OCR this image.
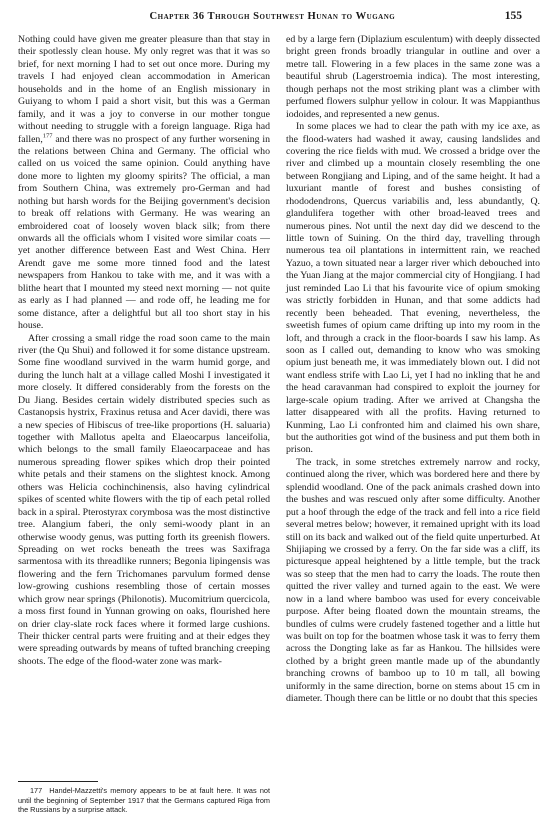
Chapter 36 Through Southwest Hunan to Wugang	155

Nothing could have given me greater pleasure than that stay in their spotlessly clean house. My only regret was that it was so brief, for next morning I had to set out once more. During my travels I had enjoyed clean accommodation in American households and in the home of an English missionary in Guiyang to whom I paid a short visit, but this was a German family, and it was a joy to converse in our mother tongue without needing to struggle with a foreign language. Riga had fallen,$^{177}$ and there was no prospect of any further worsening in the relations between China and Germany. The official who called on us voiced the same opinion. Could anything have done more to lighten my gloomy spirits? The official, a man from Southern China, was extremely pro-German and had nothing but harsh words for the Beijing government's decision to break off relations with Germany. He was wearing an embroidered coat of loosely woven black silk; from there onwards all the officials whom I visited wore similar coats — yet another difference between East and West China. Herr Arendt gave me some more tinned food and the latest newspapers from Hankou to take with me, and it was with a blithe heart that I mounted my steed next morning — not quite as early as I had planned — and rode off, he leading me for some distance, after a delightful but all too short stay in his house.

After crossing a small ridge the road soon came to the main river (the Qu Shui) and followed it for some distance upstream. Some fine woodland survived in the warm humid gorge, and during the lunch halt at a village called Moshi I investigated it more closely. It differed considerably from the forests on the Du Jiang. Besides certain widely distributed species such as Castanopsis hystrix, Fraxinus retusa and Acer davidi, there was a new species of Hibiscus of tree-like proportions (H. saluaria) together with Mallotus apelta and Elaeocarpus lanceifolia, which belongs to the small family Elaeocarpaceae and has numerous spreading flower spikes which drop their pointed white petals and their stamens on the slightest knock. Among others was Helicia cochinchinensis, also having cylindrical spikes of scented white flowers with the tip of each petal rolled back in a spiral. Pterostyrax corymbosa was the most distinctive tree. Alangium faberi, the only semi-woody plant in an otherwise woody genus, was putting forth its greenish flowers. Spreading on wet rocks beneath the trees was Saxifraga sarmentosa with its threadlike runners; Begonia lipingensis was flowering and the fern Trichomanes parvulum formed dense low-growing cushions resembling those of certain mosses which grow near springs (Philonotis). Mucomitrium quercicola, a moss first found in Yunnan growing on oaks, flourished here on drier clay-slate rock faces where it formed large cushions. Their thicker central parts were fruiting and at their edges they were spreading outwards by means of tufted branching creeping shoots. The edge of the flood-water zone was mark-

ed by a large fern (Diplazium esculentum) with deeply dissected bright green fronds broadly triangular in outline and over a metre tall. Flowering in a few places in the same zone was a beautiful shrub (Lagerstroemia indica). The most interesting, though perhaps not the most striking plant was a climber with perfumed flowers sulphur yellow in colour. It was Mappianthus iodoides, and represented a new genus.

In some places we had to clear the path with my ice axe, as the flood-waters had washed it away, causing landslides and covering the rice fields with mud. We crossed a bridge over the river and climbed up a mountain closely resembling the one between Rongjiang and Liping, and of the same height. It had a luxuriant mantle of forest and bushes consisting of rhododendrons, Quercus variabilis and, less abundantly, Q. glandulifera together with other broad-leaved trees and numerous pines. Not until the next day did we descend to the little town of Suining. On the third day, travelling through numerous tea oil plantations in intermittent rain, we reached Yazuo, a town situated near a larger river which debouched into the Yuan Jiang at the major commercial city of Hongjiang. I had just reminded Lao Li that his favourite vice of opium smoking was strictly forbidden in Hunan, and that some addicts had recently been beheaded. That evening, nevertheless, the sweetish fumes of opium came drifting up into my room in the loft, and through a crack in the floor-boards I saw his lamp. As soon as I called out, demanding to know who was smoking opium just beneath me, it was immediately blown out. I did not want endless strife with Lao Li, yet I had no inkling that he and the head caravanman had conspired to exploit the journey for large-scale opium trading. After we arrived at Changsha the latter disappeared with all the profits. Having returned to Kunming, Lao Li confronted him and claimed his own share, but the authorities got wind of the business and put them both in prison.

The track, in some stretches extremely narrow and rocky, continued along the river, which was bordered here and there by splendid woodland. One of the pack animals crashed down into the bushes and was rescued only after some difficulty. Another put a hoof through the edge of the track and fell into a rice field several metres below; however, it remained upright with its load still on its back and walked out of the field quite unperturbed. At Shijiaping we crossed by a ferry. On the far side was a cliff, its picturesque appeal heightened by a little temple, but the track was so steep that the men had to carry the loads. The route then quitted the river valley and turned again to the east. We were now in a land where bamboo was used for every conceivable purpose. After being floated down the mountain streams, the bundles of culms were crudely fastened together and a little hut was built on top for the boatmen whose task it was to ferry them across the Dongting lake as far as Hankou. The hillsides were clothed by a bright green mantle made up of the abundantly branching crowns of bamboo up to 10 m tall, all bowing uniformly in the same direction, borne on stems about 15 cm in diameter. Though there can be little or no doubt that this species

177 Handel-Mazzetti's memory appears to be at fault here. It was not until the beginning of September 1917 that the Germans captured Riga from the Russians by a surprise attack.
